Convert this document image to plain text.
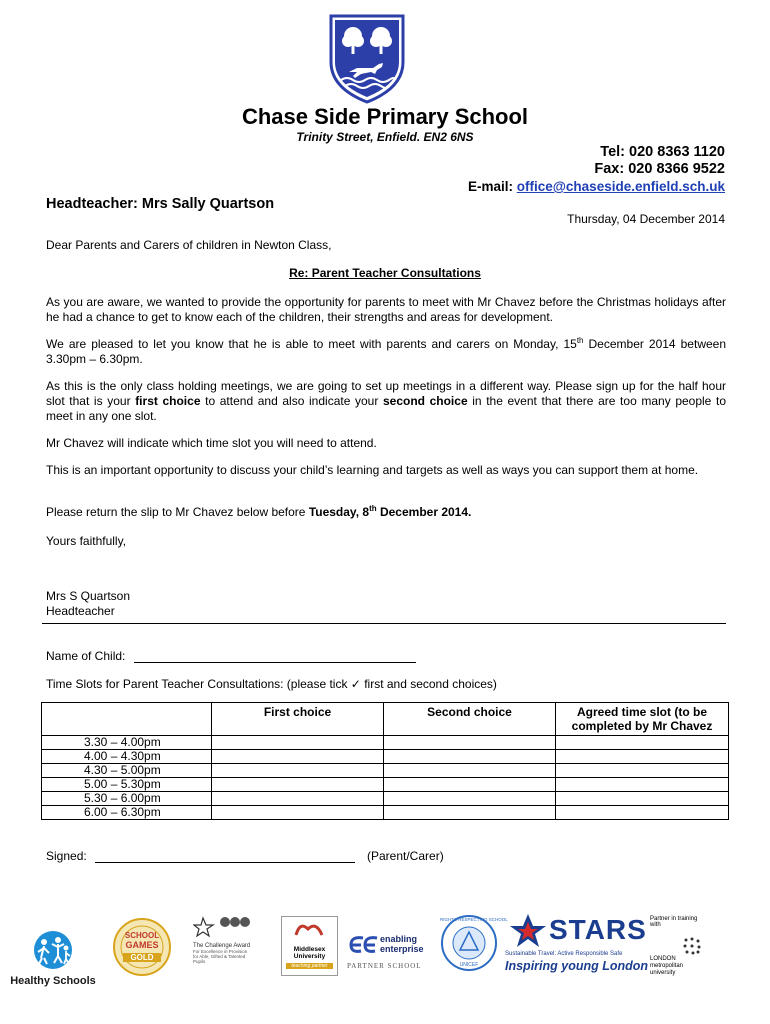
Chase Side Primary School
Trinity Street, Enfield. EN2 6NS
Tel: 020 8363 1120
Fax: 020 8366 9522
E-mail: office@chaseside.enfield.sch.uk
Headteacher: Mrs Sally Quartson
Thursday, 04 December 2014

Dear Parents and Carers of children in Newton Class,

Re: Parent Teacher Consultations

As you are aware, we wanted to provide the opportunity for parents to meet with Mr Chavez before the Christmas holidays after he had a chance to get to know each of the children, their strengths and areas for development.

We are pleased to let you know that he is able to meet with parents and carers on Monday, 15th December 2014 between 3.30pm – 6.30pm.

As this is the only class holding meetings, we are going to set up meetings in a different way. Please sign up for the half hour slot that is your first choice to attend and also indicate your second choice in the event that there are too many people to meet in any one slot.

Mr Chavez will indicate which time slot you will need to attend.

This is an important opportunity to discuss your child’s learning and targets as well as ways you can support them at home.

Please return the slip to Mr Chavez below before Tuesday, 8th December 2014.

Yours faithfully,

Mrs S Quartson
Headteacher
Name of Child:
Time Slots for Parent Teacher Consultations: (please tick ✓ first and second choices)
	First choice	Second choice	Agreed time slot (to be completed by Mr Chavez
3.30 – 4.00pm			
4.00 – 4.30pm			
4.30 – 5.00pm			
5.00 – 5.30pm			
5.30 – 6.00pm			
6.00 – 6.30pm			
Signed:	(Parent/Carer)
Healthy Schools
SCHOOL
GAMES
GOLD
The Challenge Award
For Excellence in Provision for Able, Gifted & Talented Pupils
Middlesex
University
teaching partner
enabling
enterprise
PARTNER SCHOOL
RIGHTS RESPECTING SCHOOL
UNICEF
STARS
Sustainable Travel: Active Responsible Safe
Inspiring young London
Partner in training
with
LONDON
metropolitan
university
